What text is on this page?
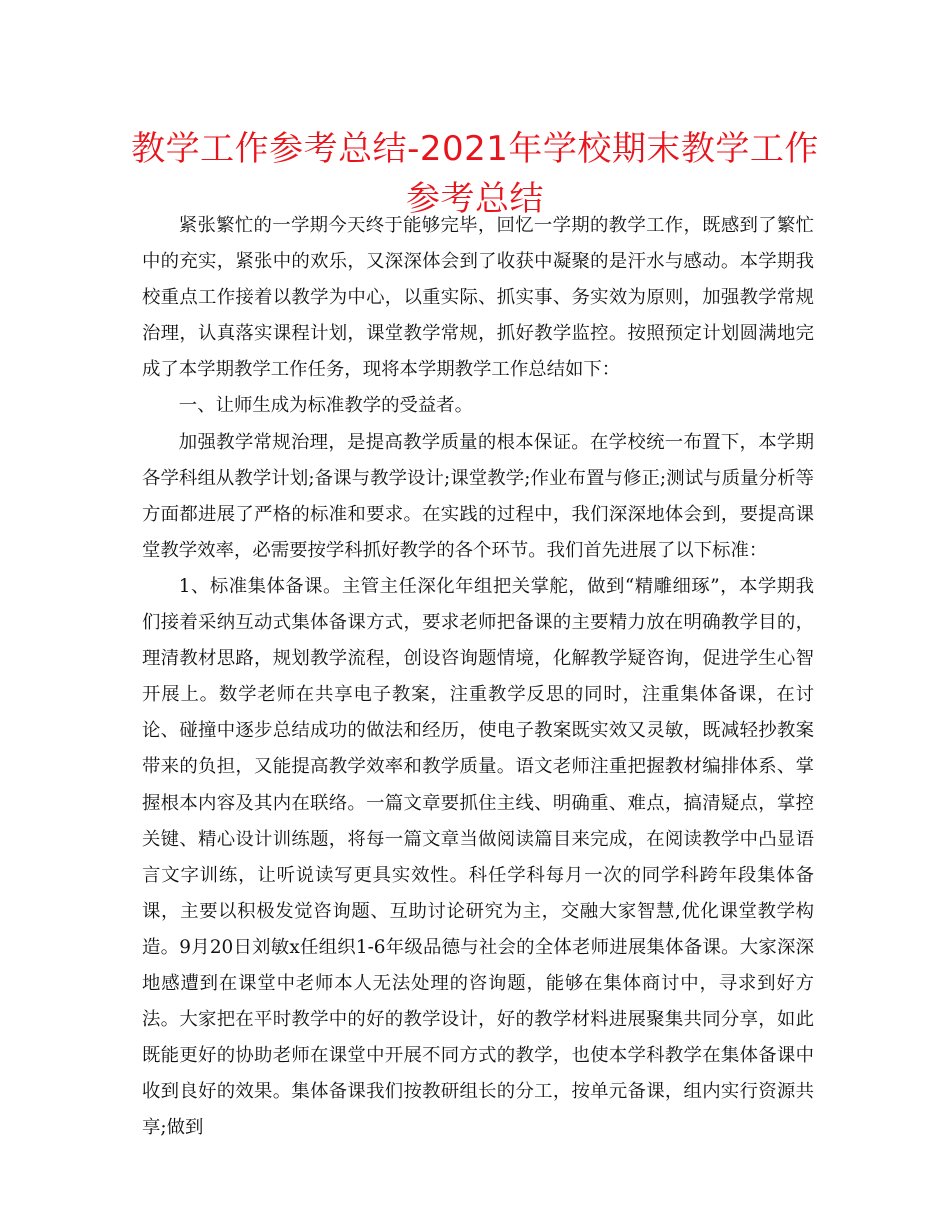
教学工作参考总结-2021年学校期末教学工作参考总结

紧张繁忙的一学期今天终于能够完毕，回忆一学期的教学工作，既感到了繁忙中的充实，紧张中的欢乐，又深深体会到了收获中凝聚的是汗水与感动。本学期我校重点工作接着以教学为中心，以重实际、抓实事、务实效为原则，加强教学常规治理，认真落实课程计划，课堂教学常规，抓好教学监控。按照预定计划圆满地完成了本学期教学工作任务，现将本学期教学工作总结如下：

一、让师生成为标准教学的受益者。

加强教学常规治理，是提高教学质量的根本保证。在学校统一布置下，本学期各学科组从教学计划;备课与教学设计;课堂教学;作业布置与修正;测试与质量分析等方面都进展了严格的标准和要求。在实践的过程中，我们深深地体会到，要提高课堂教学效率，必需要按学科抓好教学的各个环节。我们首先进展了以下标准：

1、标准集体备课。主管主任深化年组把关掌舵，做到“精雕细琢”，本学期我们接着采纳互动式集体备课方式，要求老师把备课的主要精力放在明确教学目的，理清教材思路，规划教学流程，创设咨询题情境，化解教学疑咨询，促进学生心智开展上。数学老师在共享电子教案，注重教学反思的同时，注重集体备课，在讨论、碰撞中逐步总结成功的做法和经历，使电子教案既实效又灵敏，既减轻抄教案带来的负担，又能提高教学效率和教学质量。语文老师注重把握教材编排体系、掌握根本内容及其内在联络。一篇文章要抓住主线、明确重、难点，搞清疑点，掌控关键、精心设计训练题，将每一篇文章当做阅读篇目来完成，在阅读教学中凸显语言文字训练，让听说读写更具实效性。科任学科每月一次的同学科跨年段集体备课，主要以积极发觉咨询题、互助讨论研究为主，交融大家智慧,优化课堂教学构造。9月20日刘敏x任组织1-6年级品德与社会的全体老师进展集体备课。大家深深地感遭到在课堂中老师本人无法处理的咨询题，能够在集体商讨中，寻求到好方法。大家把在平时教学中的好的教学设计，好的教学材料进展聚集共同分享，如此既能更好的协助老师在课堂中开展不同方式的教学，也使本学科教学在集体备课中收到良好的效果。集体备课我们按教研组长的分工，按单元备课，组内实行资源共享;做到
